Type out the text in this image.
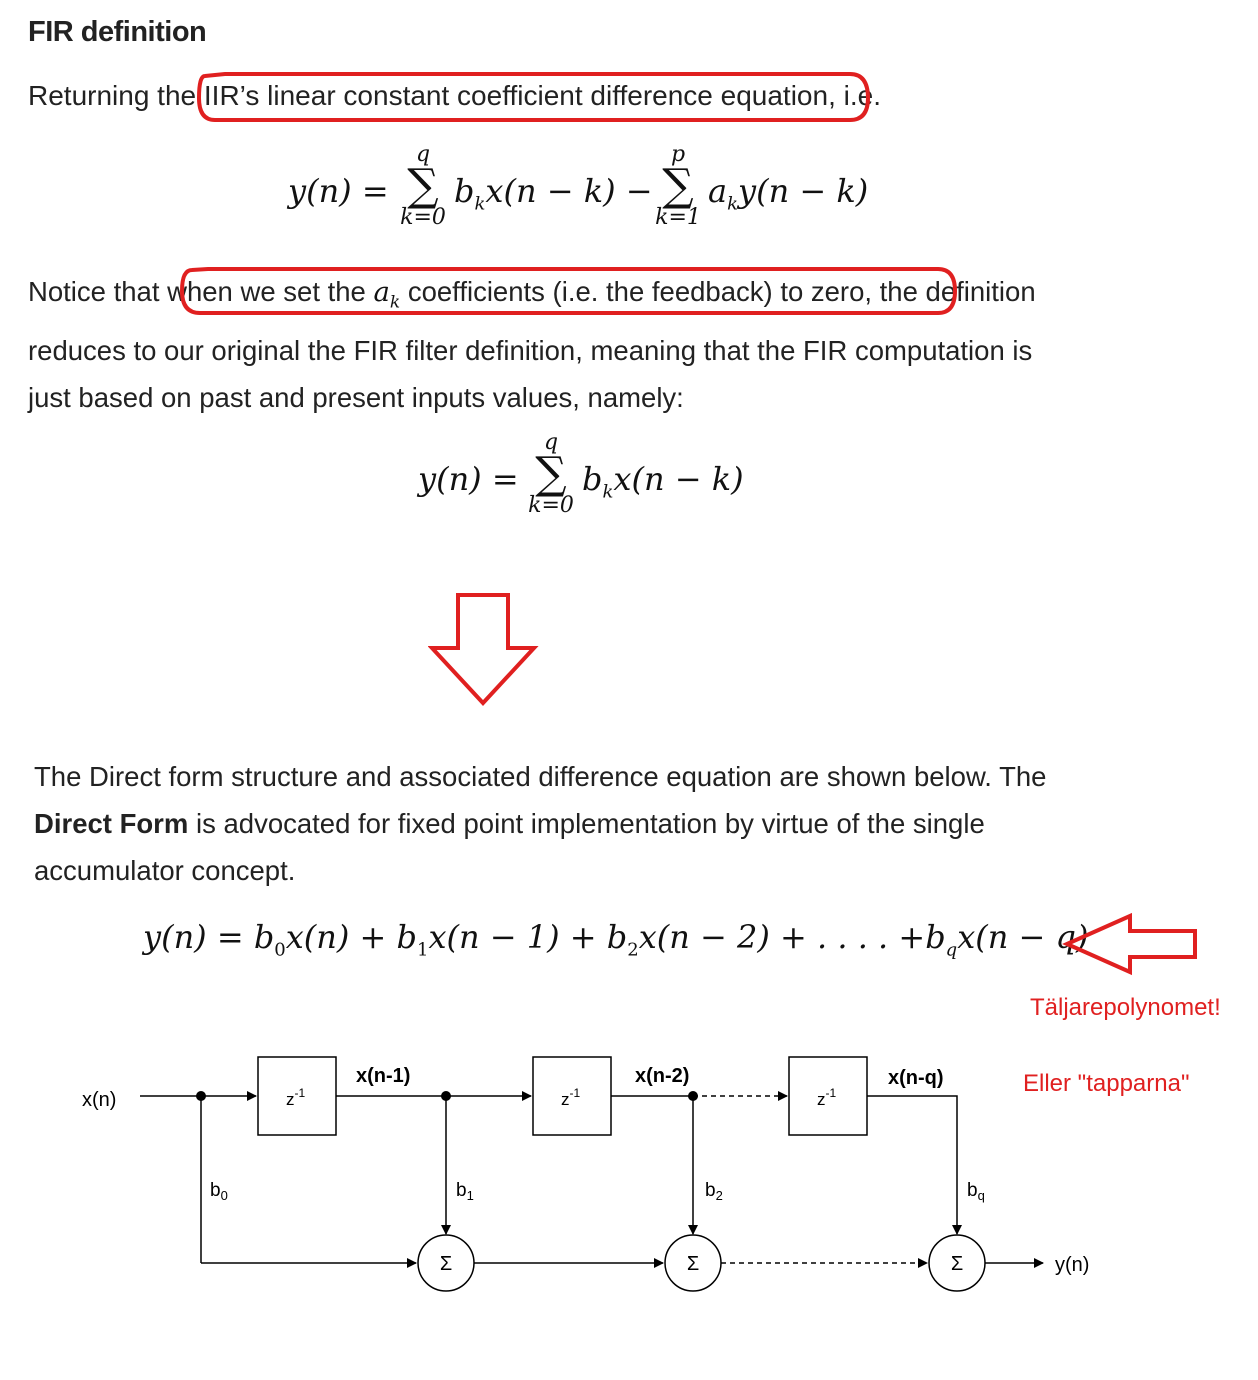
FIR definition
Returning the IIR’s linear constant coefficient difference equation, i.e.
y(n) =
q
∑
k=0
$b_kx(n - k)$ −
p
∑
k=1
$a_ky(n - k)$
Notice that when we set the $a_k$ coefficients (i.e. the feedback) to zero, the definition
reduces to our original the FIR filter definition, meaning that the FIR computation is
just based on past and present inputs values, namely:
y(n) =
q
∑
k=0
$b_kx(n - k)$
The Direct form structure and associated difference equation are shown below. The
Direct Form is advocated for fixed point implementation by virtue of the single
accumulator concept.
$y(n) = b_0x(n) + b_1x(n - 1) + b_2x(n - 2)$ + . . . . $+b_qx(n - q)$
Täljarepolynomet!
Eller "tapparna"
x(n)
y(n)
$z^{-1}$	$z^{-1}$	$z^{-1}$
x(n-1)	x(n-2)	x(n-q)
$b_0$	$b_1$	$b_2$	$b_q$
Σ	Σ	Σ
